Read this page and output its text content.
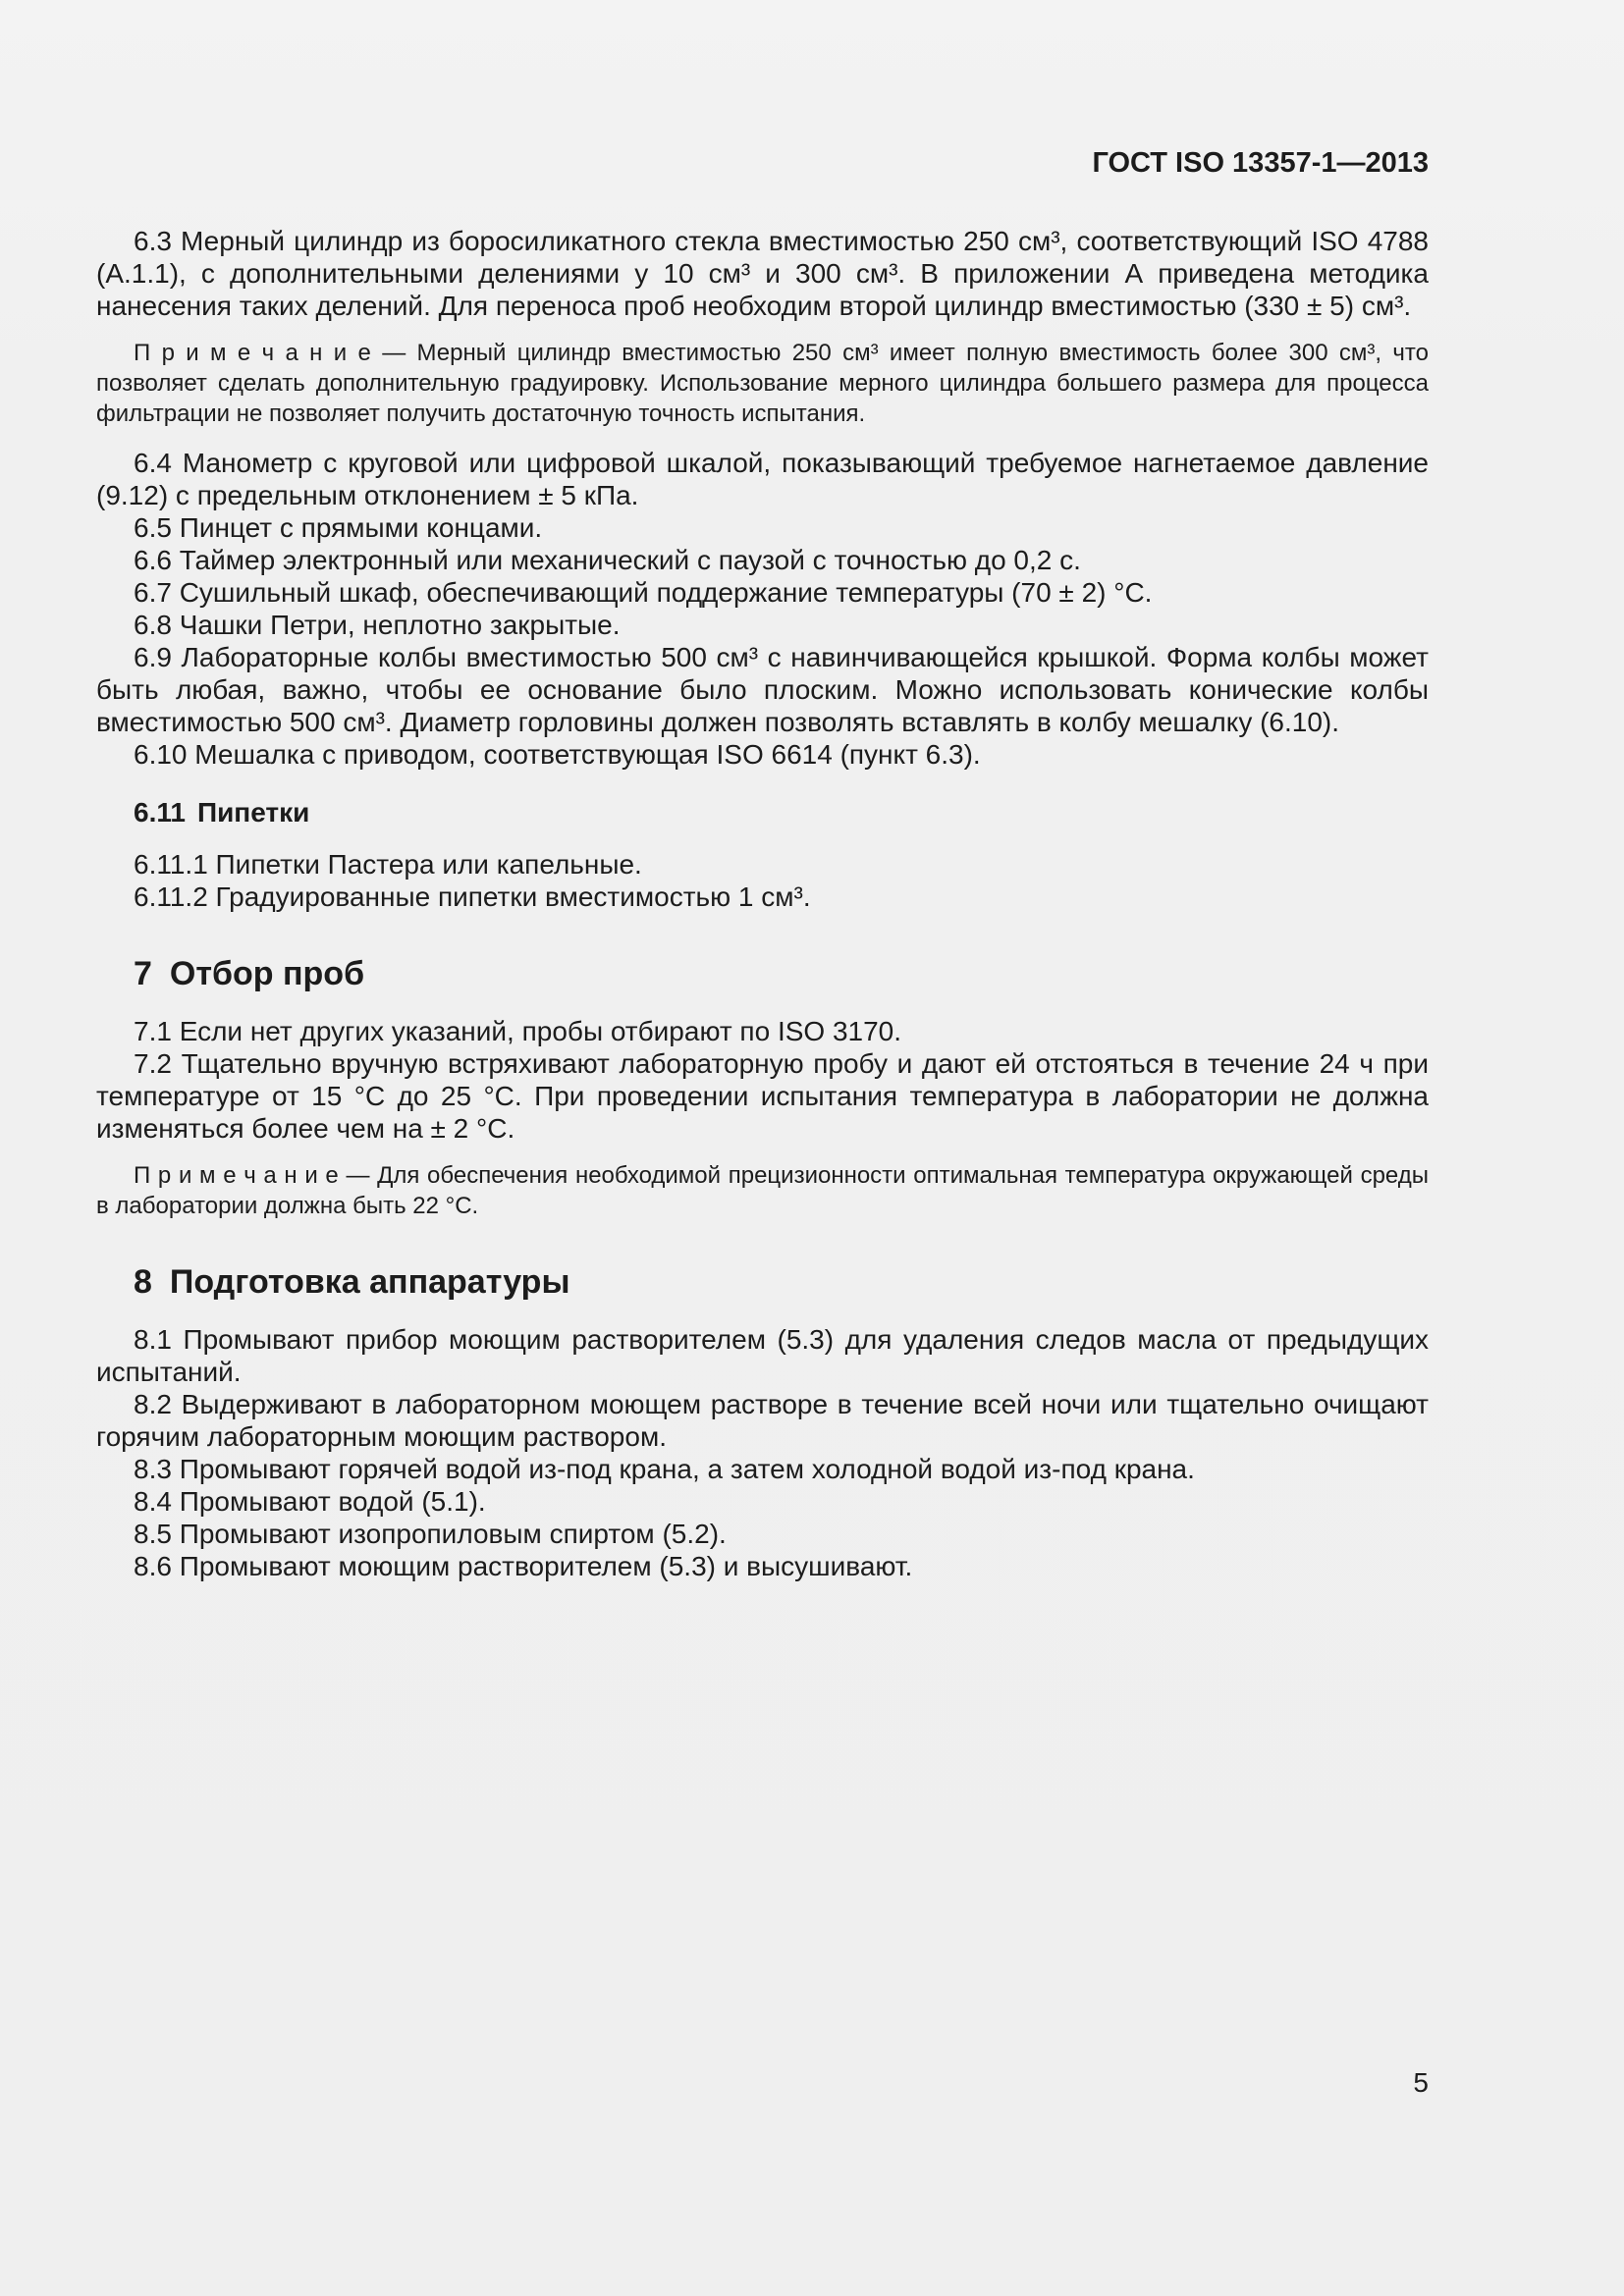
ГОСТ ISO 13357-1—2013

6.3 Мерный цилиндр из боросиликатного стекла вместимостью 250 см³, соответствующий ISO 4788 (А.1.1), с дополнительными делениями у 10 см³ и 300 см³. В приложении А приведена методика нанесения таких делений. Для переноса проб необходим второй цилиндр вместимостью (330 ± 5) см³.

П р и м е ч а н и е — Мерный цилиндр вместимостью 250 см³ имеет полную вместимость более 300 см³, что позволяет сделать дополнительную градуировку. Использование мерного цилиндра большего размера для процесса фильтрации не позволяет получить достаточную точность испытания.

6.4 Манометр с круговой или цифровой шкалой, показывающий требуемое нагнетаемое давление (9.12) с предельным отклонением ± 5 кПа.

6.5 Пинцет с прямыми концами.

6.6 Таймер электронный или механический с паузой с точностью до 0,2 с.

6.7 Сушильный шкаф, обеспечивающий поддержание температуры (70 ± 2) °С.

6.8 Чашки Петри, неплотно закрытые.

6.9 Лабораторные колбы вместимостью 500 см³ с навинчивающейся крышкой. Форма колбы может быть любая, важно, чтобы ее основание было плоским. Можно использовать конические колбы вместимостью 500 см³. Диаметр горловины должен позволять вставлять в колбу мешалку (6.10).

6.10 Мешалка с приводом, соответствующая ISO 6614 (пункт 6.3).

6.11 Пипетки

6.11.1 Пипетки Пастера или капельные.

6.11.2 Градуированные пипетки вместимостью 1 см³.

7 Отбор проб

7.1 Если нет других указаний, пробы отбирают по ISO 3170.

7.2 Тщательно вручную встряхивают лабораторную пробу и дают ей отстояться в течение 24 ч при температуре от 15 °С до 25 °С. При проведении испытания температура в лаборатории не должна изменяться более чем на ± 2 °С.

П р и м е ч а н и е — Для обеспечения необходимой прецизионности оптимальная температура окружающей среды в лаборатории должна быть 22 °С.

8 Подготовка аппаратуры

8.1 Промывают прибор моющим растворителем (5.3) для удаления следов масла от предыдущих испытаний.

8.2 Выдерживают в лабораторном моющем растворе в течение всей ночи или тщательно очищают горячим лабораторным моющим раствором.

8.3 Промывают горячей водой из-под крана, а затем холодной водой из-под крана.

8.4 Промывают водой (5.1).

8.5 Промывают изопропиловым спиртом (5.2).

8.6 Промывают моющим растворителем (5.3) и высушивают.

5
